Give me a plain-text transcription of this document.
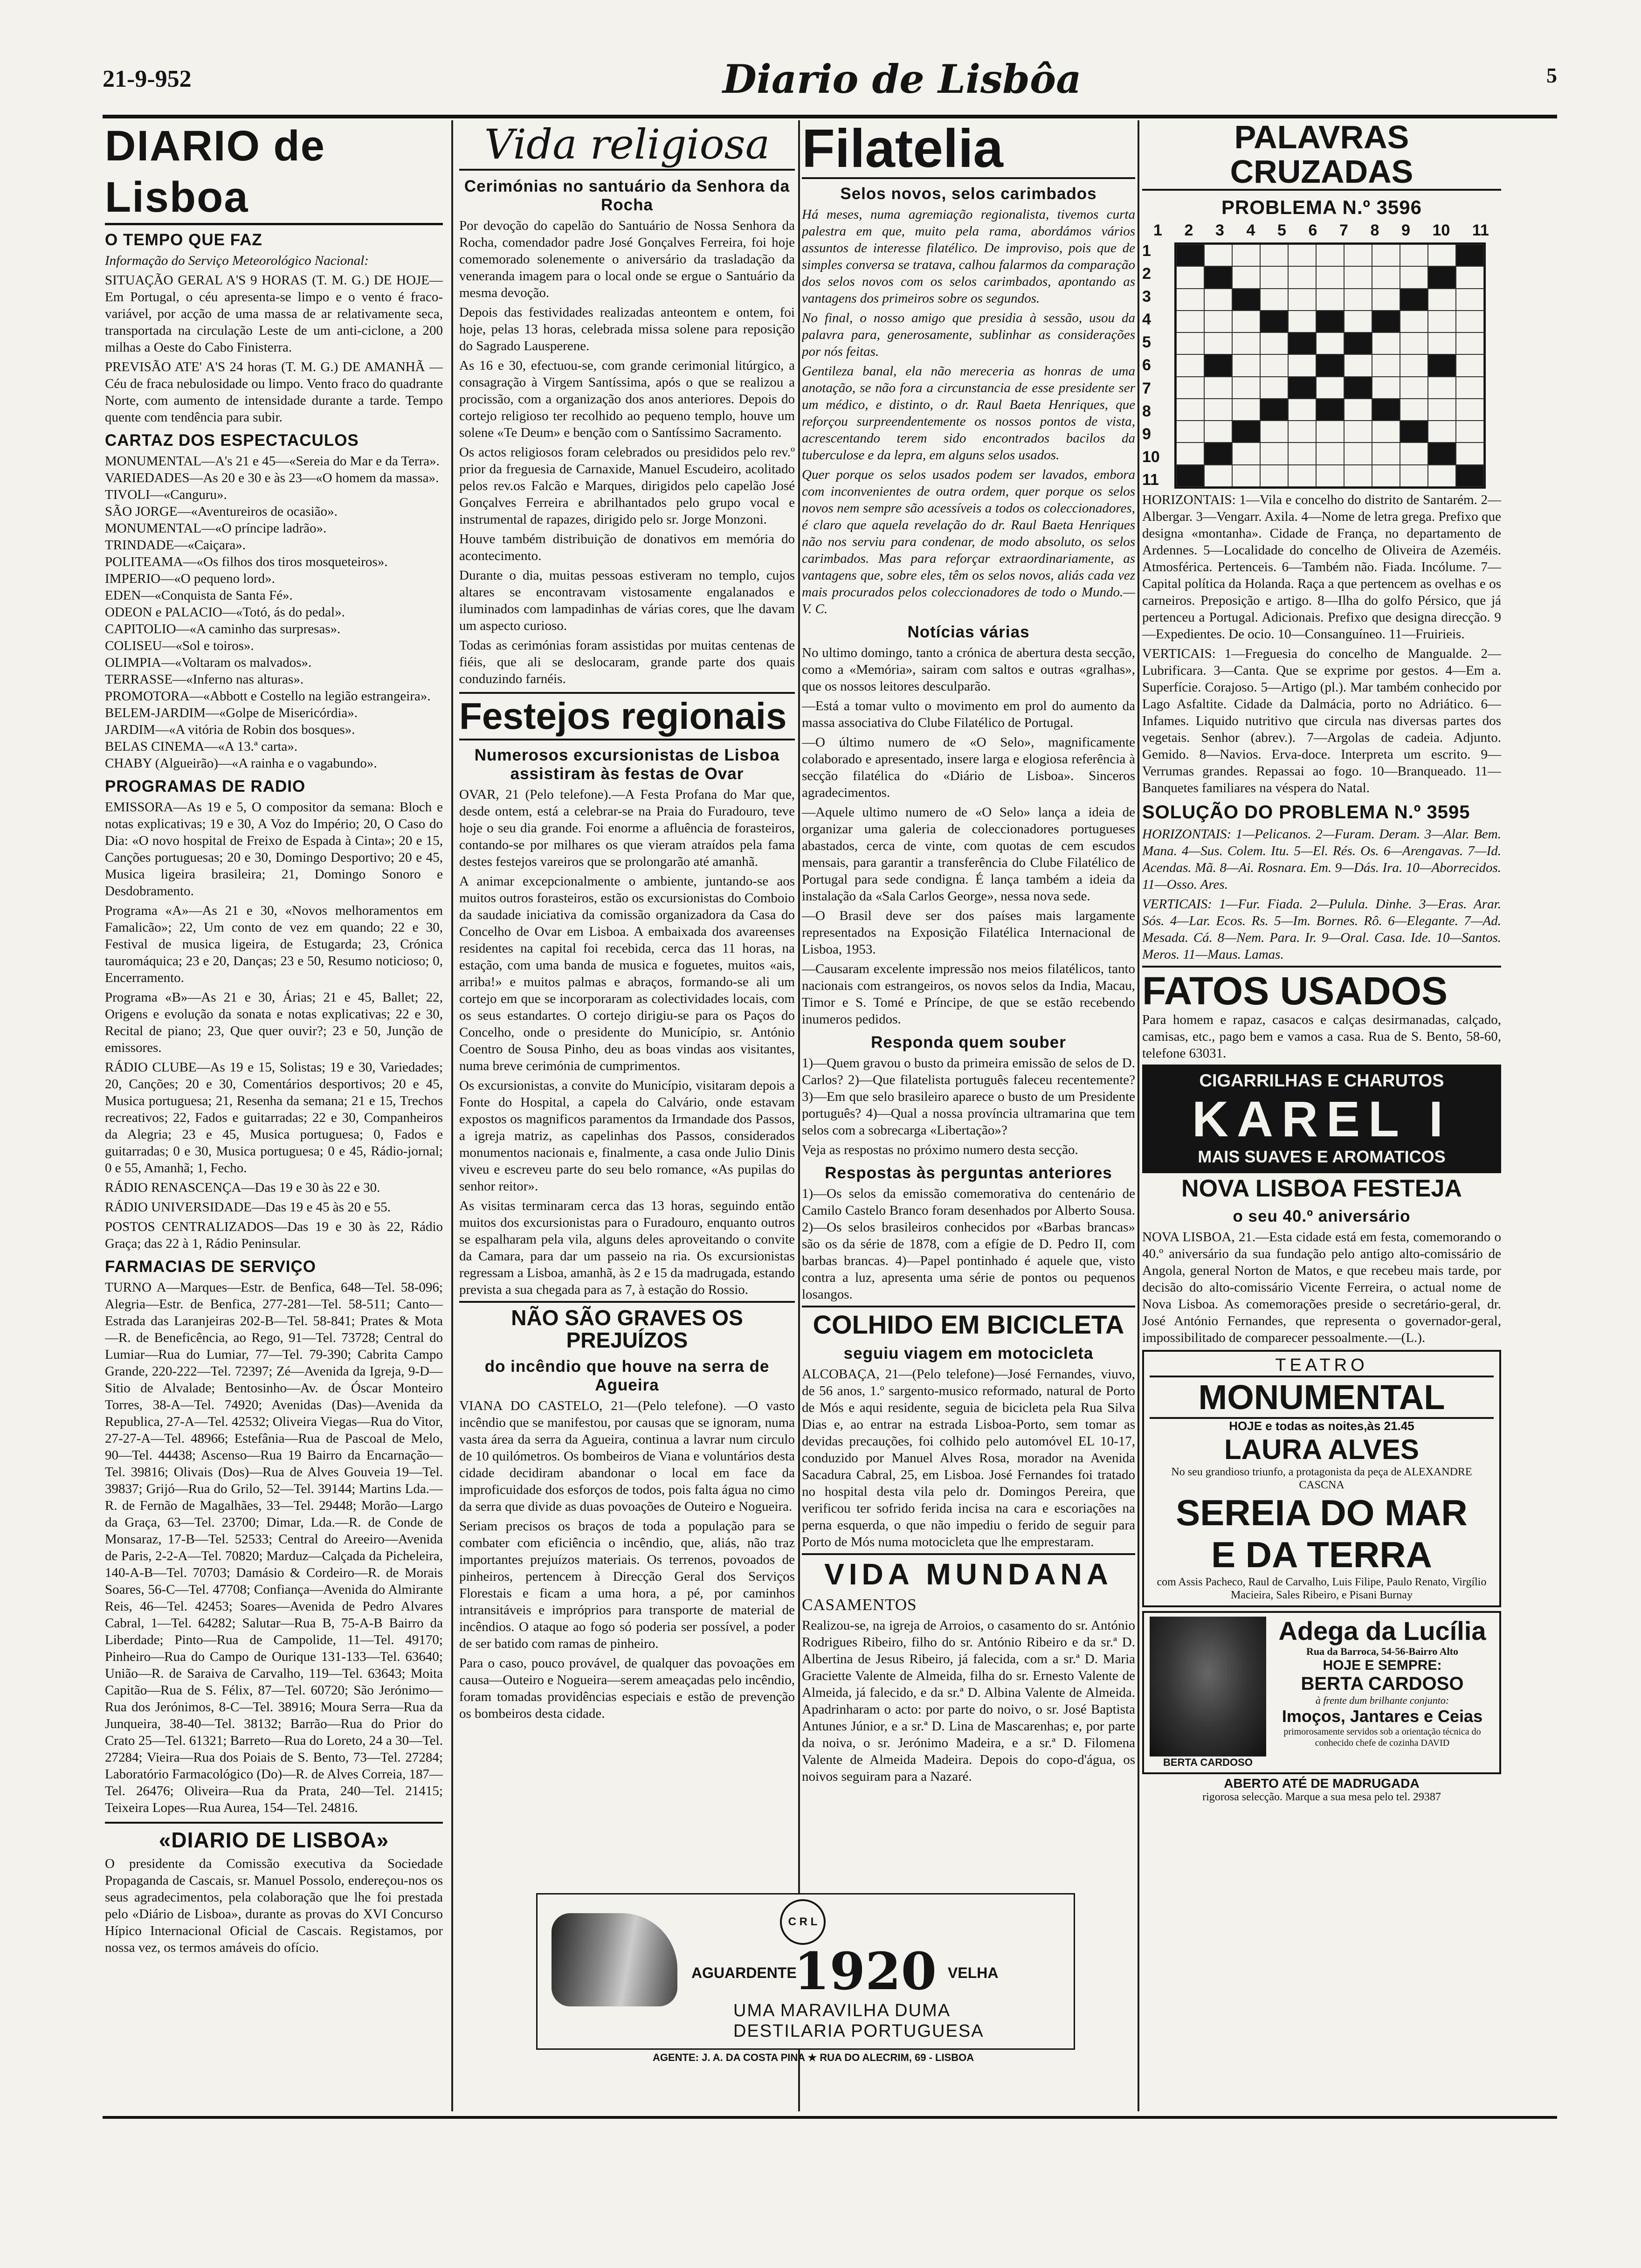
21-9-952	Diario de Lisbôa	5
DIARIO de Lisboa
O TEMPO QUE FAZ

Informação do Serviço Meteorológico Nacional:

SITUAÇÃO GERAL A'S 9 HORAS (T. M. G.) DE HOJE—Em Portugal, o céu apresenta-se limpo e o vento é fraco-variável, por acção de uma massa de ar relativamente seca, transportada na circulação Leste de um anti-ciclone, a 200 milhas a Oeste do Cabo Finisterra.

PREVISÃO ATE' A'S 24 horas (T. M. G.) DE AMANHÃ — Céu de fraca nebulosidade ou limpo. Vento fraco do quadrante Norte, com aumento de intensidade durante a tarde. Tempo quente com tendência para subir.

CARTAZ DOS ESPECTACULOS

MONUMENTAL—A's 21 e 45—«Sereia do Mar e da Terra».

VARIEDADES—As 20 e 30 e às 23—«O homem da massa».

TIVOLI—«Canguru».

SÃO JORGE—«Aventureiros de ocasião».

MONUMENTAL—«O príncipe ladrão».

TRINDADE—«Caiçara».

POLITEAMA—«Os filhos dos tiros mosqueteiros».

IMPERIO—«O pequeno lord».

EDEN—«Conquista de Santa Fé».

ODEON e PALACIO—«Totó, ás do pedal».

CAPITOLIO—«A caminho das surpresas».

COLISEU—«Sol e toiros».

OLIMPIA—«Voltaram os malvados».

TERRASSE—«Inferno nas alturas».

PROMOTORA—«Abbott e Costello na legião estrangeira».

BELEM-JARDIM—«Golpe de Misericórdia».

JARDIM—«A vitória de Robin dos bosques».

BELAS CINEMA—«A 13.ª carta».

CHABY (Algueirão)—«A rainha e o vagabundo».

PROGRAMAS DE RADIO

EMISSORA—As 19 e 5, O compositor da semana: Bloch e notas explicativas; 19 e 30, A Voz do Império; 20, O Caso do Dia: «O novo hospital de Freixo de Espada à Cinta»; 20 e 15, Canções portuguesas; 20 e 30, Domingo Desportivo; 20 e 45, Musica ligeira brasileira; 21, Domingo Sonoro e Desdobramento.

Programa «A»—As 21 e 30, «Novos melhoramentos em Famalicão»; 22, Um conto de vez em quando; 22 e 30, Festival de musica ligeira, de Estugarda; 23, Crónica tauromáquica; 23 e 20, Danças; 23 e 50, Resumo noticioso; 0, Encerramento.

Programa «B»—As 21 e 30, Árias; 21 e 45, Ballet; 22, Origens e evolução da sonata e notas explicativas; 22 e 30, Recital de piano; 23, Que quer ouvir?; 23 e 50, Junção de emissores.

RÁDIO CLUBE—As 19 e 15, Solistas; 19 e 30, Variedades; 20, Canções; 20 e 30, Comentários desportivos; 20 e 45, Musica portuguesa; 21, Resenha da semana; 21 e 15, Trechos recreativos; 22, Fados e guitarradas; 22 e 30, Companheiros da Alegria; 23 e 45, Musica portuguesa; 0, Fados e guitarradas; 0 e 30, Musica portuguesa; 0 e 45, Rádio-jornal; 0 e 55, Amanhã; 1, Fecho.

RÁDIO RENASCENÇA—Das 19 e 30 às 22 e 30.

RÁDIO UNIVERSIDADE—Das 19 e 45 às 20 e 55.

POSTOS CENTRALIZADOS—Das 19 e 30 às 22, Rádio Graça; das 22 à 1, Rádio Peninsular.

FARMACIAS DE SERVIÇO

TURNO A—Marques—Estr. de Benfica, 648—Tel. 58-096; Alegria—Estr. de Benfica, 277-281—Tel. 58-511; Canto—Estrada das Laranjeiras 202-B—Tel. 58-841; Prates & Mota—R. de Beneficência, ao Rego, 91—Tel. 73728; Central do Lumiar—Rua do Lumiar, 77—Tel. 79-390; Cabrita Campo Grande, 220-222—Tel. 72397; Zé—Avenida da Igreja, 9-D—Sitio de Alvalade; Bentosinho—Av. de Óscar Monteiro Torres, 38-A—Tel. 74920; Avenidas (Das)—Avenida da Republica, 27-A—Tel. 42532; Oliveira Viegas—Rua do Vitor, 27-27-A—Tel. 48966; Estefânia—Rua de Pascoal de Melo, 90—Tel. 44438; Ascenso—Rua 19 Bairro da Encarnação—Tel. 39816; Olivais (Dos)—Rua de Alves Gouveia 19—Tel. 39837; Grijó—Rua do Grilo, 52—Tel. 39144; Martins Lda.—R. de Fernão de Magalhães, 33—Tel. 29448; Morão—Largo da Graça, 63—Tel. 23700; Dimar, Lda.—R. de Conde de Monsaraz, 17-B—Tel. 52533; Central do Areeiro—Avenida de Paris, 2-2-A—Tel. 70820; Marduz—Calçada da Picheleira, 140-A-B—Tel. 70703; Damásio & Cordeiro—R. de Morais Soares, 56-C—Tel. 47708; Confiança—Avenida do Almirante Reis, 46—Tel. 42453; Soares—Avenida de Pedro Alvares Cabral, 1—Tel. 64282; Salutar—Rua B, 75-A-B Bairro da Liberdade; Pinto—Rua de Campolide, 11—Tel. 49170; Pinheiro—Rua do Campo de Ourique 131-133—Tel. 63640; União—R. de Saraiva de Carvalho, 119—Tel. 63643; Moita Capitão—Rua de S. Félix, 87—Tel. 60720; São Jerónimo—Rua dos Jerónimos, 8-C—Tel. 38916; Moura Serra—Rua da Junqueira, 38-40—Tel. 38132; Barrão—Rua do Prior do Crato 25—Tel. 61321; Barreto—Rua do Loreto, 24 a 30—Tel. 27284; Vieira—Rua dos Poiais de S. Bento, 73—Tel. 27284; Laboratório Farmacológico (Do)—R. de Alves Correia, 187—Tel. 26476; Oliveira—Rua da Prata, 240—Tel. 21415; Teixeira Lopes—Rua Aurea, 154—Tel. 24816.

«DIARIO DE LISBOA»

O presidente da Comissão executiva da Sociedade Propaganda de Cascais, sr. Manuel Possolo, endereçou-nos os seus agradecimentos, pela colaboração que lhe foi prestada pelo «Diário de Lisboa», durante as provas do XVI Concurso Hípico Internacional Oficial de Cascais. Registamos, por nossa vez, os termos amáveis do ofício.

Vida religiosa
Cerimónias no santuário da Senhora da Rocha

Por devoção do capelão do Santuário de Nossa Senhora da Rocha, comendador padre José Gonçalves Ferreira, foi hoje comemorado solenemente o aniversário da trasladação da veneranda imagem para o local onde se ergue o Santuário da mesma devoção.

Depois das festividades realizadas anteontem e ontem, foi hoje, pelas 13 horas, celebrada missa solene para reposição do Sagrado Lausperene.

As 16 e 30, efectuou-se, com grande cerimonial litúrgico, a consagração à Virgem Santíssima, após o que se realizou a procissão, com a organização dos anos anteriores. Depois do cortejo religioso ter recolhido ao pequeno templo, houve um solene «Te Deum» e benção com o Santíssimo Sacramento.

Os actos religiosos foram celebrados ou presididos pelo rev.º prior da freguesia de Carnaxide, Manuel Escudeiro, acolitado pelos rev.os Falcão e Marques, dirigidos pelo capelão José Gonçalves Ferreira e abrilhantados pelo grupo vocal e instrumental de rapazes, dirigido pelo sr. Jorge Monzoni.

Houve também distribuição de donativos em memória do acontecimento.

Durante o dia, muitas pessoas estiveram no templo, cujos altares se encontravam vistosamente engalanados e iluminados com lampadinhas de várias cores, que lhe davam um aspecto curioso.

Todas as cerimónias foram assistidas por muitas centenas de fiéis, que ali se deslocaram, grande parte dos quais conduzindo farnéis.

Festejos regionais
Numerosos excursionistas de Lisboa assistiram às festas de Ovar

OVAR, 21 (Pelo telefone).—A Festa Profana do Mar que, desde ontem, está a celebrar-se na Praia do Furadouro, teve hoje o seu dia grande. Foi enorme a afluência de forasteiros, contando-se por milhares os que vieram atraídos pela fama destes festejos vareiros que se prolongarão até amanhã.

A animar excepcionalmente o ambiente, juntando-se aos muitos outros forasteiros, estão os excursionistas do Comboio da saudade iniciativa da comissão organizadora da Casa do Concelho de Ovar em Lisboa. A embaixada dos avareenses residentes na capital foi recebida, cerca das 11 horas, na estação, com uma banda de musica e foguetes, muitos «ais, arriba!» e muitos palmas e abraços, formando-se ali um cortejo em que se incorporaram as colectividades locais, com os seus estandartes. O cortejo dirigiu-se para os Paços do Concelho, onde o presidente do Município, sr. António Coentro de Sousa Pinho, deu as boas vindas aos visitantes, numa breve cerimónia de cumprimentos.

Os excursionistas, a convite do Município, visitaram depois a Fonte do Hospital, a capela do Calvário, onde estavam expostos os magnificos paramentos da Irmandade dos Passos, a igreja matriz, as capelinhas dos Passos, considerados monumentos nacionais e, finalmente, a casa onde Julio Dinis viveu e escreveu parte do seu belo romance, «As pupilas do senhor reitor».

As visitas terminaram cerca das 13 horas, seguindo então muitos dos excursionistas para o Furadouro, enquanto outros se espalharam pela vila, alguns deles aproveitando o convite da Camara, para dar um passeio na ria. Os excursionistas regressam a Lisboa, amanhã, às 2 e 15 da madrugada, estando prevista a sua chegada para as 7, à estação do Rossio.

NÃO SÃO GRAVES OS PREJUÍZOS
do incêndio que houve na serra de Agueira

VIANA DO CASTELO, 21—(Pelo telefone). —O vasto incêndio que se manifestou, por causas que se ignoram, numa vasta área da serra da Agueira, continua a lavrar num circulo de 10 quilómetros. Os bombeiros de Viana e voluntários desta cidade decidiram abandonar o local em face da improficuidade dos esforços de todos, pois falta água no cimo da serra que divide as duas povoações de Outeiro e Nogueira.

Seriam precisos os braços de toda a população para se combater com eficiência o incêndio, que, aliás, não traz importantes prejuízos materiais. Os terrenos, povoados de pinheiros, pertencem à Direcção Geral dos Serviços Florestais e ficam a uma hora, a pé, por caminhos intransitáveis e impróprios para transporte de material de incêndios. O ataque ao fogo só poderia ser possível, a poder de ser batido com ramas de pinheiro.

Para o caso, pouco provável, de qualquer das povoações em causa—Outeiro e Nogueira—serem ameaçadas pelo incêndio, foram tomadas providências especiais e estão de prevenção os bombeiros desta cidade.

Filatelia
Selos novos, selos carimbados

Há meses, numa agremiação regionalista, tivemos curta palestra em que, muito pela rama, abordámos vários assuntos de interesse filatélico. De improviso, pois que de simples conversa se tratava, calhou falarmos da comparação dos selos novos com os selos carimbados, apontando as vantagens dos primeiros sobre os segundos.

No final, o nosso amigo que presidia à sessão, usou da palavra para, generosamente, sublinhar as considerações por nós feitas.

Gentileza banal, ela não mereceria as honras de uma anotação, se não fora a circunstancia de esse presidente ser um médico, e distinto, o dr. Raul Baeta Henriques, que reforçou surpreendentemente os nossos pontos de vista, acrescentando terem sido encontrados bacilos da tuberculose e da lepra, em alguns selos usados.

Quer porque os selos usados podem ser lavados, embora com inconvenientes de outra ordem, quer porque os selos novos nem sempre são acessíveis a todos os coleccionadores, é claro que aquela revelação do dr. Raul Baeta Henriques não nos serviu para condenar, de modo absoluto, os selos carimbados. Mas para reforçar extraordinariamente, as vantagens que, sobre eles, têm os selos novos, aliás cada vez mais procurados pelos coleccionadores de todo o Mundo.—V. C.

Notícias várias

No ultimo domingo, tanto a crónica de abertura desta secção, como a «Memória», sairam com saltos e outras «gralhas», que os nossos leitores desculparão.

—Está a tomar vulto o movimento em prol do aumento da massa associativa do Clube Filatélico de Portugal.

—O último numero de «O Selo», magnificamente colaborado e apresentado, insere larga e elogiosa referência à secção filatélica do «Diário de Lisboa». Sinceros agradecimentos.

—Aquele ultimo numero de «O Selo» lança a ideia de organizar uma galeria de coleccionadores portugueses abastados, cerca de vinte, com quotas de cem escudos mensais, para garantir a transferência do Clube Filatélico de Portugal para sede condigna. É lança também a ideia da instalação da «Sala Carlos George», nessa nova sede.

—O Brasil deve ser dos países mais largamente representados na Exposição Filatélica Internacional de Lisboa, 1953.

—Causaram excelente impressão nos meios filatélicos, tanto nacionais com estrangeiros, os novos selos da India, Macau, Timor e S. Tomé e Príncipe, de que se estão recebendo inumeros pedidos.

Responda quem souber

1)—Quem gravou o busto da primeira emissão de selos de D. Carlos? 2)—Que filatelista português faleceu recentemente? 3)—Em que selo brasileiro aparece o busto de um Presidente português? 4)—Qual a nossa província ultramarina que tem selos com a sobrecarga «Libertação»?

Veja as respostas no próximo numero desta secção.

Respostas às perguntas anteriores

1)—Os selos da emissão comemorativa do centenário de Camilo Castelo Branco foram desenhados por Alberto Sousa. 2)—Os selos brasileiros conhecidos por «Barbas brancas» são os da série de 1878, com a efígie de D. Pedro II, com barbas brancas. 4)—Papel pontinhado é aquele que, visto contra a luz, apresenta uma série de pontos ou pequenos losangos.

COLHIDO EM BICICLETA
seguiu viagem em motocicleta

ALCOBAÇA, 21—(Pelo telefone)—José Fernandes, viuvo, de 56 anos, 1.º sargento-musico reformado, natural de Porto de Mós e aqui residente, seguia de bicicleta pela Rua Silva Dias e, ao entrar na estrada Lisboa-Porto, sem tomar as devidas precauções, foi colhido pelo automóvel EL 10-17, conduzido por Manuel Alves Rosa, morador na Avenida Sacadura Cabral, 25, em Lisboa. José Fernandes foi tratado no hospital desta vila pelo dr. Domingos Pereira, que verificou ter sofrido ferida incisa na cara e escoriações na perna esquerda, o que não impediu o ferido de seguir para Porto de Mós numa motocicleta que lhe emprestaram.

VIDA MUNDANA
CASAMENTOS

Realizou-se, na igreja de Arroios, o casamento do sr. António Rodrigues Ribeiro, filho do sr. António Ribeiro e da sr.ª D. Albertina de Jesus Ribeiro, já falecida, com a sr.ª D. Maria Graciette Valente de Almeida, filha do sr. Ernesto Valente de Almeida, já falecido, e da sr.ª D. Albina Valente de Almeida. Apadrinharam o acto: por parte do noivo, o sr. José Baptista Antunes Júnior, e a sr.ª D. Lina de Mascarenhas; e, por parte da noiva, o sr. Jerónimo Madeira, e a sr.ª D. Filomena Valente de Almeida Madeira. Depois do copo-d'água, os noivos seguiram para a Nazaré.

PALAVRAS CRUZADAS
PROBLEMA N.º 3596
1 2 3 4 5 6 7 8 9 10 11
1
2
3
4
5
6
7
8
9
10
11

HORIZONTAIS: 1—Vila e concelho do distrito de Santarém. 2—Albergar. 3—Vengarr. Axila. 4—Nome de letra grega. Prefixo que designa «montanha». Cidade de França, no departamento de Ardennes. 5—Localidade do concelho de Oliveira de Azeméis. Atmosférica. Pertenceis. 6—Também não. Fiada. Incólume. 7—Capital política da Holanda. Raça a que pertencem as ovelhas e os carneiros. Preposição e artigo. 8—Ilha do golfo Pérsico, que já pertenceu a Portugal. Adicionais. Prefixo que designa direcção. 9—Expedientes. De ocio. 10—Consanguíneo. 11—Fruirieis.

VERTICAIS: 1—Freguesia do concelho de Mangualde. 2—Lubrificara. 3—Canta. Que se exprime por gestos. 4—Em a. Superfície. Corajoso. 5—Artigo (pl.). Mar também conhecido por Lago Asfaltite. Cidade da Dalmácia, porto no Adriático. 6—Infames. Liquido nutritivo que circula nas diversas partes dos vegetais. Senhor (abrev.). 7—Argolas de cadeia. Adjunto. Gemido. 8—Navios. Erva-doce. Interpreta um escrito. 9—Verrumas grandes. Repassai ao fogo. 10—Branqueado. 11—Banquetes familiares na véspera do Natal.

SOLUÇÃO DO PROBLEMA N.º 3595

HORIZONTAIS: 1—Pelicanos. 2—Furam. Deram. 3—Alar. Bem. Mana. 4—Sus. Colem. Itu. 5—El. Rés. Os. 6—Arengavas. 7—Id. Acendas. Mã. 8—Ai. Rosnara. Em. 9—Dás. Ira. 10—Aborrecidos. 11—Osso. Ares.

VERTICAIS: 1—Fur. Fiada. 2—Pulula. Dinhe. 3—Eras. Arar. Sós. 4—Lar. Ecos. Rs. 5—Im. Bornes. Rô. 6—Elegante. 7—Ad. Mesada. Cá. 8—Nem. Para. Ir. 9—Oral. Casa. Ide. 10—Santos. Meros. 11—Maus. Lamas.

FATOS USADOS

Para homem e rapaz, casacos e calças desirmanadas, calçado, camisas, etc., pago bem e vamos a casa. Rua de S. Bento, 58-60, telefone 63031.

CIGARRILHAS E CHARUTOS
KAREL I
MAIS SUAVES E AROMATICOS
NOVA LISBOA FESTEJA
o seu 40.º aniversário

NOVA LISBOA, 21.—Esta cidade está em festa, comemorando o 40.º aniversário da sua fundação pelo antigo alto-comissário de Angola, general Norton de Matos, e que recebeu mais tarde, por decisão do alto-comissário Vicente Ferreira, o actual nome de Nova Lisboa. As comemorações preside o secretário-geral, dr. José António Fernandes, que representa o governador-geral, impossibilitado de comparecer pessoalmente.—(L.).

TEATRO
MONUMENTAL
HOJE e todas as noites,às 21.45
LAURA ALVES
No seu grandioso triunfo, a protagonista da peça de ALEXANDRE CASCNA
SEREIA DO MAR
E DA TERRA
com Assis Pacheco, Raul de Carvalho, Luis Filipe, Paulo Renato, Virgílio Macieira, Sales Ribeiro, e Pisani Burnay
BERTA CARDOSO
Adega da Lucília
Rua da Barroca, 54-56-Bairro Alto
HOJE E SEMPRE:
BERTA CARDOSO
à frente dum brilhante conjunto:
Imoços, Jantares e Ceias
primorosamente servidos sob a orientação técnica do conhecido chefe de cozinha DAVID
ABERTO ATÉ DE MADRUGADA
rigorosa selecção. Marque a sua mesa pelo tel. 29387
C R L
AGUARDENTE
1920 VELHA
UMA MARAVILHA DUMA
DESTILARIA PORTUGUESA
AGENTE: J. A. DA COSTA PINA ★ RUA DO ALECRIM, 69 - LISBOA
